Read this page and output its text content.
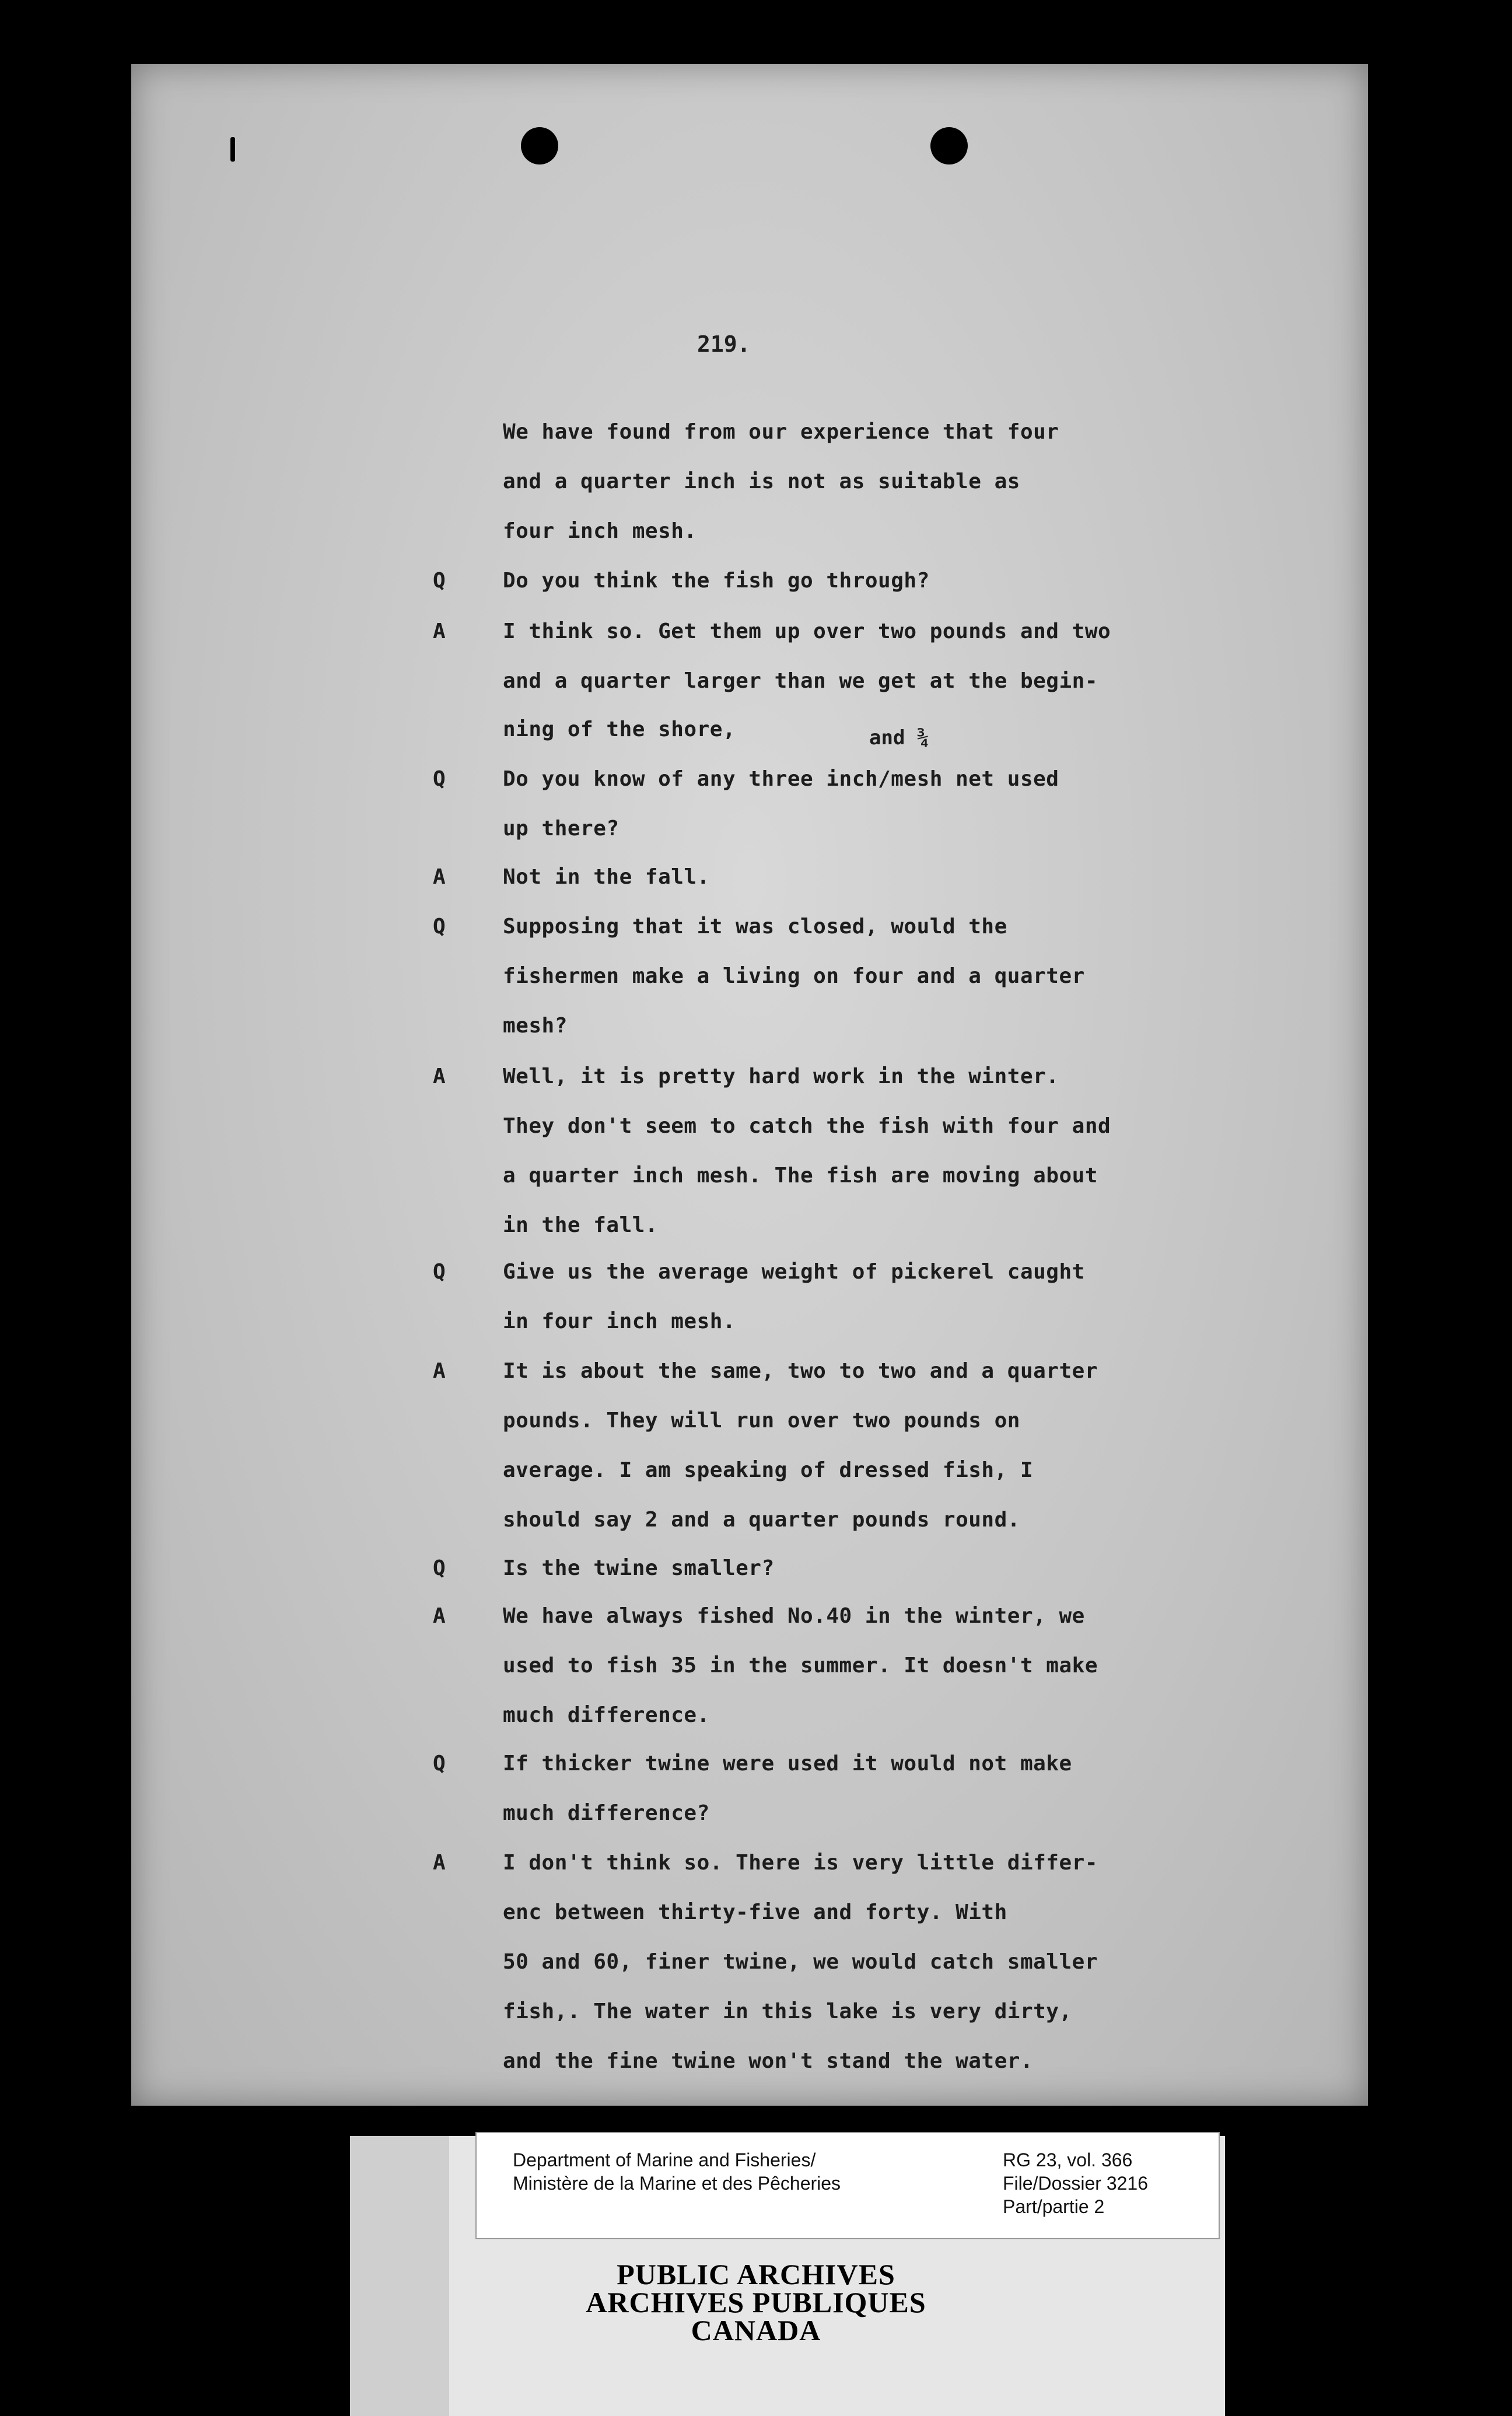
219.
and ¾
We have found from our experience that four
and a quarter inch is not as suitable as
four inch mesh.
Do you think the fish go through?
Q
I think so. Get them up over two pounds and two
A
and a quarter larger than we get at the begin-
ning of the shore,
Do you know of any three inch/mesh net used
Q
up there?
Not in the fall.
A
Supposing that it was closed, would the
Q
fishermen make a living on four and a quarter
mesh?
Well, it is pretty hard work in the winter.
A
They don't seem to catch the fish with four and
a quarter inch mesh. The fish are moving about
in the fall.
Give us the average weight of pickerel caught
Q
in four inch mesh.
It is about the same, two to two and a quarter
A
pounds. They will run over two pounds on
average. I am speaking of dressed fish, I
should say 2 and a quarter pounds round.
Is the twine smaller?
Q
We have always fished No.40 in the winter, we
A
used to fish 35 in the summer. It doesn't make
much difference.
If thicker twine were used it would not make
Q
much difference?
I don't think so. There is very little differ-
A
enc between thirty-five and forty. With
50 and 60, finer twine, we would catch smaller
fish,. The water in this lake is very dirty,
and the fine twine won't stand the water.
Department of Marine and Fisheries/
Ministère de la Marine et des Pêcheries
RG 23, vol. 366
File/Dossier 3216
Part/partie 2
PUBLIC ARCHIVES
ARCHIVES PUBLIQUES
CANADA
